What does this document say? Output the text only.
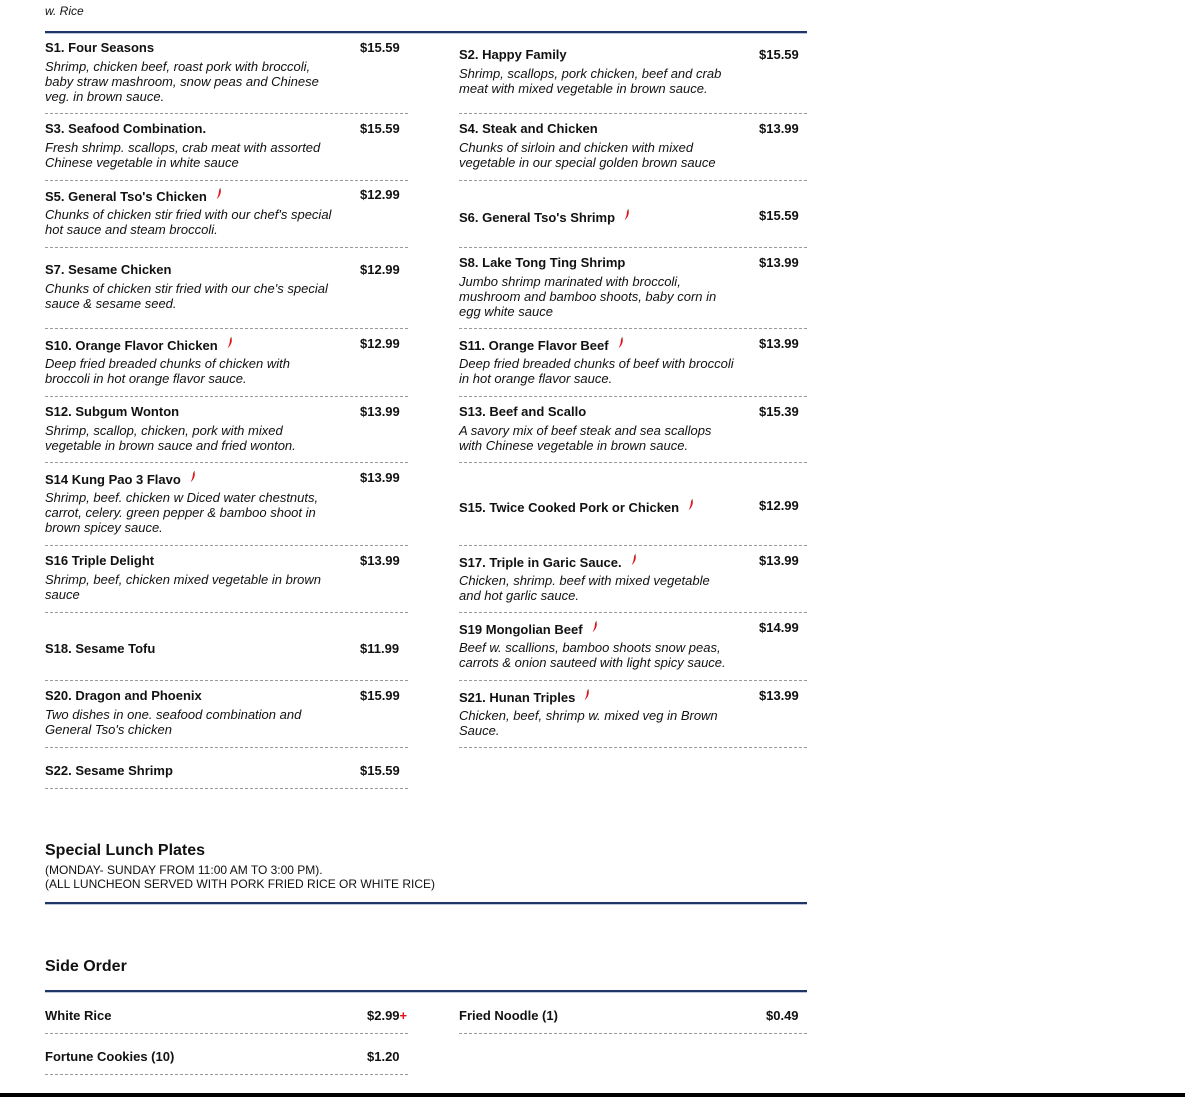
w. Rice
S1. Four Seasons	$15.59
Shrimp, chicken beef, roast pork with broccoli, baby straw mashroom, snow peas and Chinese veg. in brown sauce.
S3. Seafood Combination.	$15.59
Fresh shrimp. scallops, crab meat with assorted Chinese vegetable in white sauce
S5. General Tso's Chicken	$12.99
Chunks of chicken stir fried with our chef's special hot sauce and steam broccoli.
S7. Sesame Chicken	$12.99
Chunks of chicken stir fried with our che's special sauce & sesame seed.
S10. Orange Flavor Chicken	$12.99
Deep fried breaded chunks of chicken with broccoli in hot orange flavor sauce.
S12. Subgum Wonton	$13.99
Shrimp, scallop, chicken, pork with mixed vegetable in brown sauce and fried wonton.
S14 Kung Pao 3 Flavo	$13.99
Shrimp, beef. chicken w Diced water chestnuts, carrot, celery. green pepper & bamboo shoot in brown spicey sauce.
S16 Triple Delight	$13.99
Shrimp, beef, chicken mixed vegetable in brown sauce
S18. Sesame Tofu	$11.99
S20. Dragon and Phoenix	$15.99
Two dishes in one. seafood combination and General Tso's chicken
S22. Sesame Shrimp	$15.59
S2. Happy Family	$15.59
Shrimp, scallops, pork chicken, beef and crab meat with mixed vegetable in brown sauce.
S4. Steak and Chicken	$13.99
Chunks of sirloin and chicken with mixed vegetable in our special golden brown sauce
S6. General Tso's Shrimp	$15.59
S8. Lake Tong Ting Shrimp	$13.99
Jumbo shrimp marinated with broccoli, mushroom and bamboo shoots, baby corn in egg white sauce
S11. Orange Flavor Beef	$13.99
Deep fried breaded chunks of beef with broccoli in hot orange flavor sauce.
S13. Beef and Scallo	$15.39
A savory mix of beef steak and sea scallops with Chinese vegetable in brown sauce.
S15. Twice Cooked Pork or Chicken	$12.99
S17. Triple in Garic Sauce.	$13.99
Chicken, shrimp. beef with mixed vegetable and hot garlic sauce.
S19 Mongolian Beef	$14.99
Beef w. scallions, bamboo shoots snow peas, carrots & onion sauteed with light spicy sauce.
S21. Hunan Triples	$13.99
Chicken, beef, shrimp w. mixed veg in Brown Sauce.
Special Lunch Plates
(MONDAY- SUNDAY FROM 11:00 AM TO 3:00 PM).
(ALL LUNCHEON SERVED WITH PORK FRIED RICE OR WHITE RICE)
Side Order
White Rice	$2.99+	Fried Noodle (1)	$0.49
Fortune Cookies (10)	$1.20
